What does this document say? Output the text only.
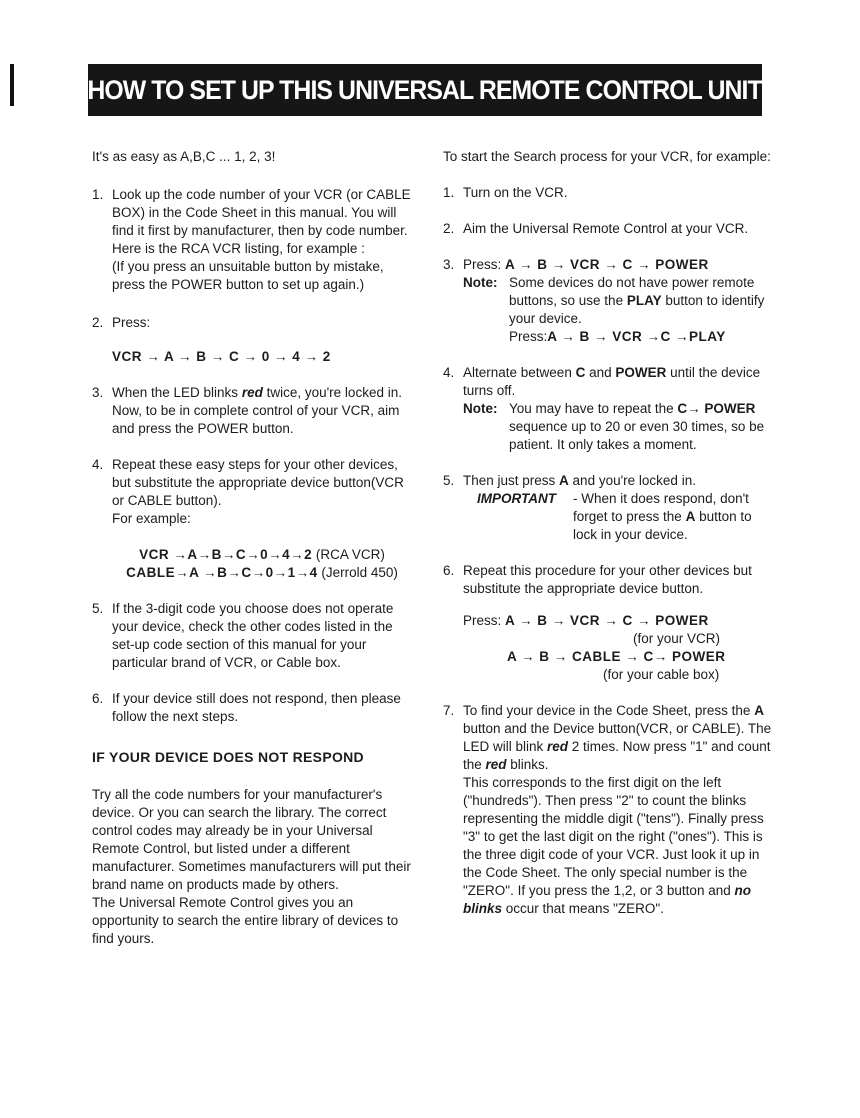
HOW TO SET UP THIS UNIVERSAL REMOTE CONTROL UNIT

It's as easy as A,B,C ... 1, 2, 3!

1. Look up the code number of your VCR (or CABLE BOX) in the Code Sheet in this manual. You will find it first by manufacturer, then by code number. Here is the RCA VCR listing, for example :

(If you press an unsuitable button by mistake, press the POWER button to set up again.)

2. Press:

VCR → A → B → C → 0 → 4 → 2

3. When the LED blinks red twice, you're locked in. Now, to be in complete control of your VCR, aim and press the POWER button.

4. Repeat these easy steps for your other devices, but substitute the appropriate device button(VCR or CABLE button).

For example:

VCR →A→B→C→0→4→2 (RCA VCR)

CABLE→A →B→C→0→1→4 (Jerrold 450)

5. If the 3-digit code you choose does not operate your device, check the other codes listed in the set-up code section of this manual for your particular brand of VCR, or Cable box.

6. If your device still does not respond, then please follow the next steps.

IF YOUR DEVICE DOES NOT RESPOND

Try all the code numbers for your manufacturer's device. Or you can search the library. The correct control codes may already be in your Universal Remote Control, but listed under a different manufacturer. Sometimes manufacturers will put their brand name on products made by others.

The Universal Remote Control gives you an opportunity to search the entire library of devices to find yours.

To start the Search process for your VCR, for example:

1. Turn on the VCR.

2. Aim the Universal Remote Control at your VCR.

3. Press: A → B → VCR → C → POWER

Note: Some devices do not have power remote buttons, so use the PLAY button to identify your device.

Press:A → B → VCR →C →PLAY

4. Alternate between C and POWER until the device turns off.

Note: You may have to repeat the C→ POWER sequence up to 20 or even 30 times, so be patient. It only takes a moment.

5. Then just press A and you're locked in.

IMPORTANT	- When it does respond, don't forget to press the A button to lock in your device.

6. Repeat this procedure for your other devices but substitute the appropriate device button.

Press: A → B → VCR → C → POWER

(for your VCR)

A → B → CABLE → C→ POWER

(for your cable box)

7. To find your device in the Code Sheet, press the A button and the Device button(VCR, or CABLE). The LED will blink red 2 times. Now press "1" and count the red blinks.

This corresponds to the first digit on the left ("hundreds"). Then press "2" to count the blinks representing the middle digit ("tens"). Finally press "3" to get the last digit on the right ("ones"). This is the three digit code of your VCR. Just look it up in the Code Sheet. The only special number is the "ZERO". If you press the 1,2, or 3 button and no blinks occur that means "ZERO".
